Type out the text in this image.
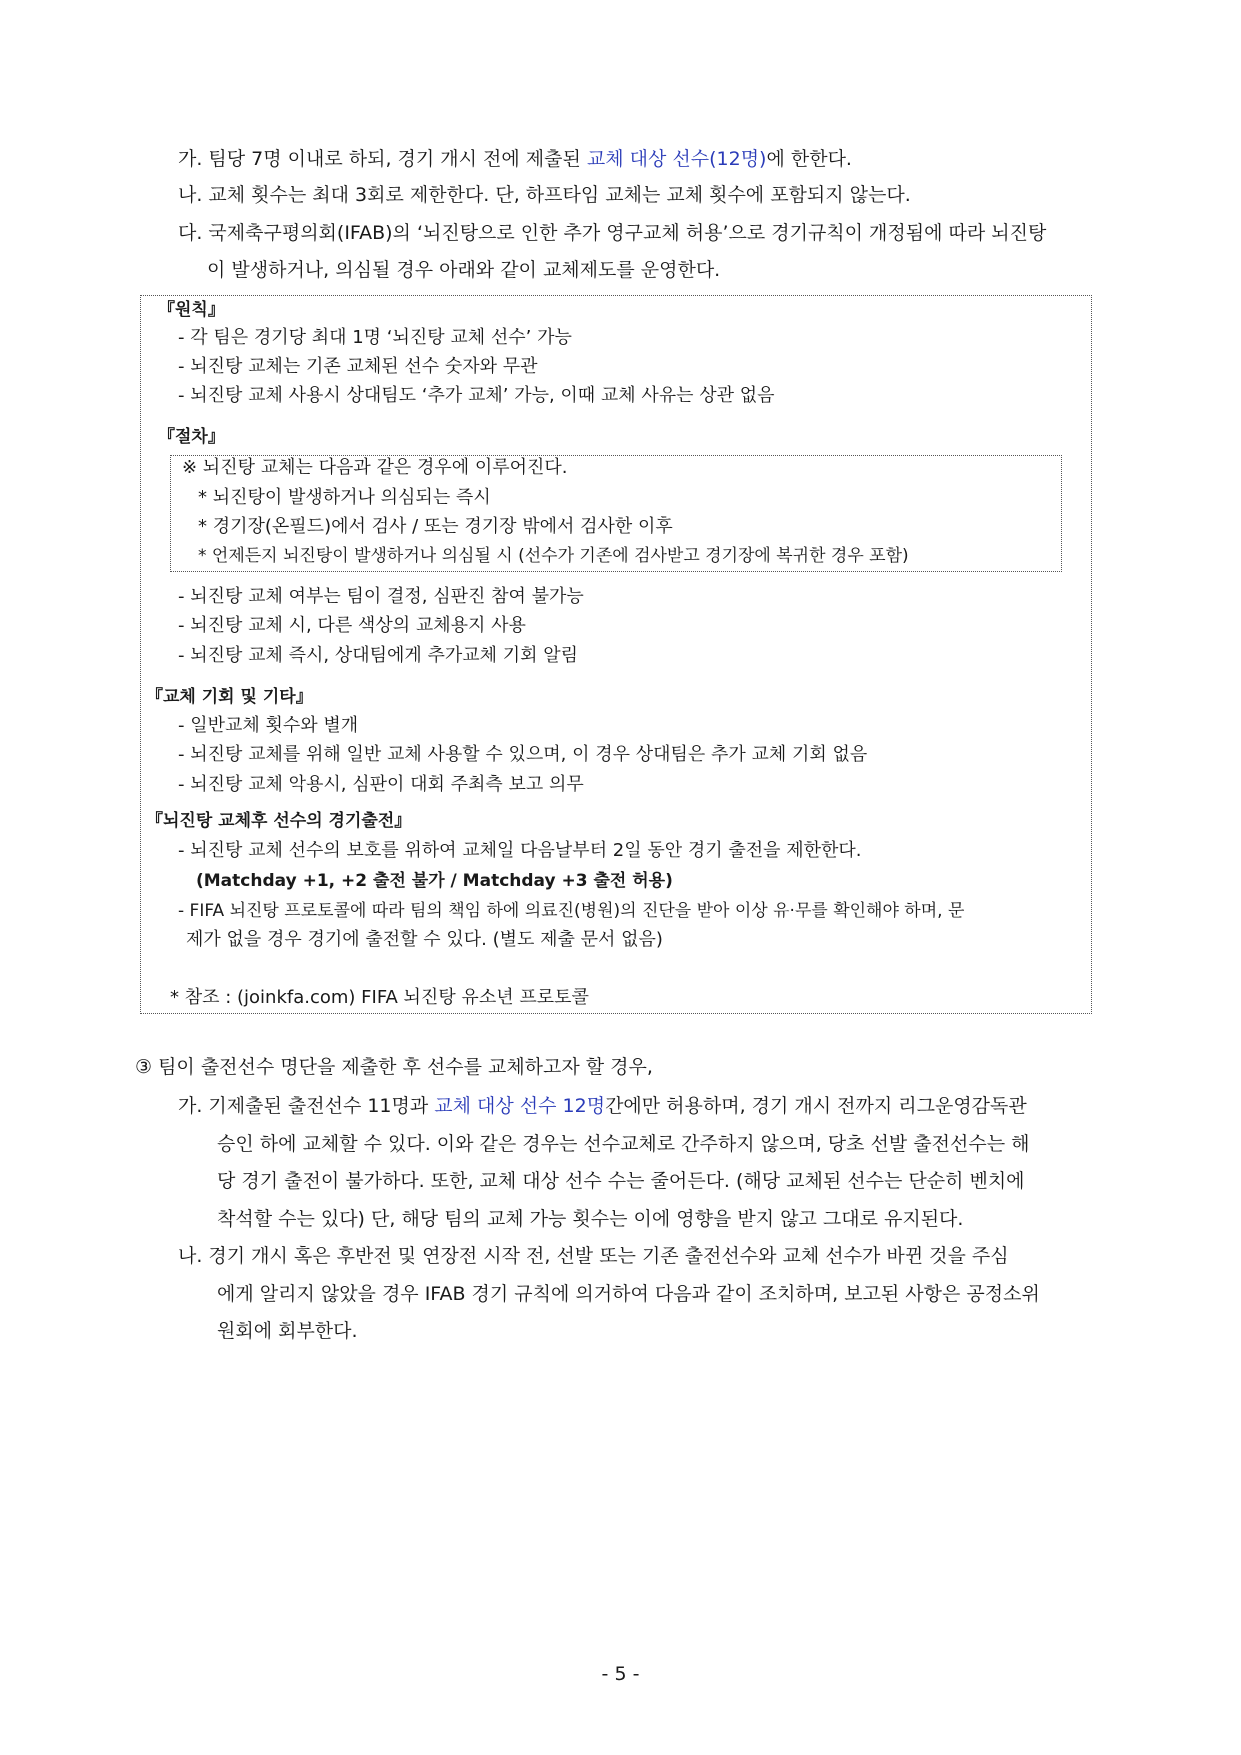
가. 팀당 7명 이내로 하되, 경기 개시 전에 제출된 교체 대상 선수(12명)에 한한다.
나. 교체 횟수는 최대 3회로 제한한다. 단, 하프타임 교체는 교체 횟수에 포함되지 않는다.
다. 국제축구평의회(IFAB)의 ‘뇌진탕으로 인한 추가 영구교체 허용’으로 경기규칙이 개정됨에 따라 뇌진탕
이 발생하거나, 의심될 경우 아래와 같이 교체제도를 운영한다.
『원칙』
- 각 팀은 경기당 최대 1명 ‘뇌진탕 교체 선수’ 가능
- 뇌진탕 교체는 기존 교체된 선수 숫자와 무관
- 뇌진탕 교체 사용시 상대팀도 ‘추가 교체’ 가능, 이때 교체 사유는 상관 없음
『절차』
※ 뇌진탕 교체는 다음과 같은 경우에 이루어진다.
* 뇌진탕이 발생하거나 의심되는 즉시
* 경기장(온필드)에서 검사 / 또는 경기장 밖에서 검사한 이후
* 언제든지 뇌진탕이 발생하거나 의심될 시 (선수가 기존에 검사받고 경기장에 복귀한 경우 포함)
- 뇌진탕 교체 여부는 팀이 결정, 심판진 참여 불가능
- 뇌진탕 교체 시, 다른 색상의 교체용지 사용
- 뇌진탕 교체 즉시, 상대팀에게 추가교체 기회 알림
『교체 기회 및 기타』
- 일반교체 횟수와 별개
- 뇌진탕 교체를 위해 일반 교체 사용할 수 있으며, 이 경우 상대팀은 추가 교체 기회 없음
- 뇌진탕 교체 악용시, 심판이 대회 주최측 보고 의무
『뇌진탕 교체후 선수의 경기출전』
- 뇌진탕 교체 선수의 보호를 위하여 교체일 다음날부터 2일 동안 경기 출전을 제한한다.
(Matchday +1, +2 출전 불가 / Matchday +3 출전 허용)
- FIFA 뇌진탕 프로토콜에 따라 팀의 책임 하에 의료진(병원)의 진단을 받아 이상 유·무를 확인해야 하며, 문
제가 없을 경우 경기에 출전할 수 있다. (별도 제출 문서 없음)
* 참조 : (joinkfa.com) FIFA 뇌진탕 유소년 프로토콜
③ 팀이 출전선수 명단을 제출한 후 선수를 교체하고자 할 경우,
가. 기제출된 출전선수 11명과 교체 대상 선수 12명간에만 허용하며, 경기 개시 전까지 리그운영감독관
승인 하에 교체할 수 있다. 이와 같은 경우는 선수교체로 간주하지 않으며, 당초 선발 출전선수는 해
당 경기 출전이 불가하다. 또한, 교체 대상 선수 수는 줄어든다. (해당 교체된 선수는 단순히 벤치에
착석할 수는 있다) 단, 해당 팀의 교체 가능 횟수는 이에 영향을 받지 않고 그대로 유지된다.
나. 경기 개시 혹은 후반전 및 연장전 시작 전, 선발 또는 기존 출전선수와 교체 선수가 바뀐 것을 주심
에게 알리지 않았을 경우 IFAB 경기 규칙에 의거하여 다음과 같이 조치하며, 보고된 사항은 공정소위
원회에 회부한다.
- 5 -
